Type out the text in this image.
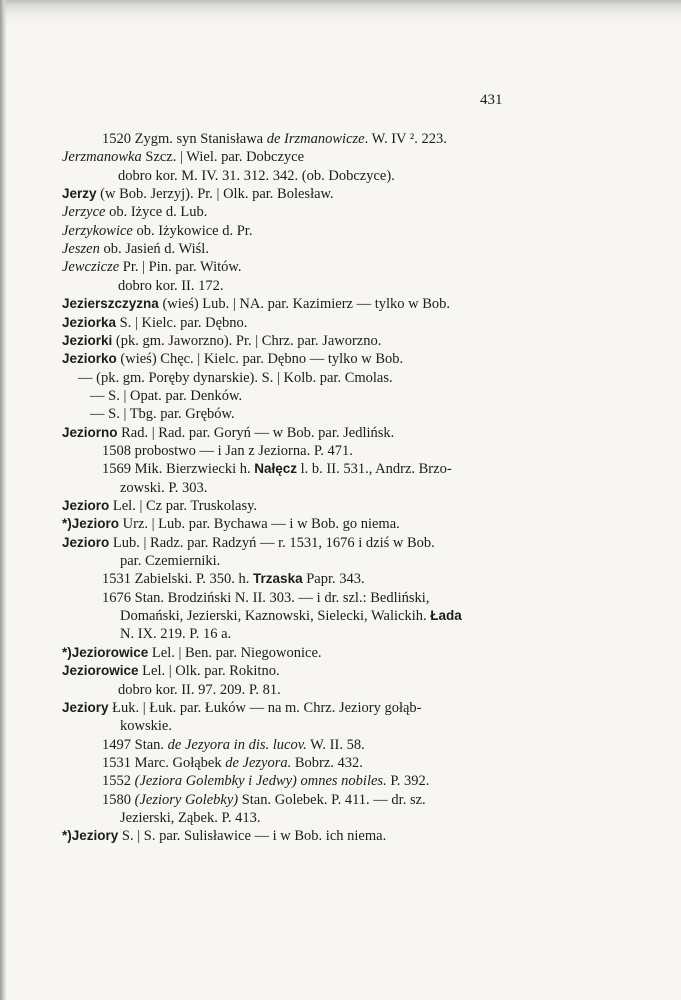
431
1520 Zygm. syn Stanisława de Irzmanowicze. W. IV ². 223.
Jerzmanowka Szcz. | Wiel. par. Dobczyce
dobro kor. M. IV. 31. 312. 342. (ob. Dobczyce).
Jerzy (w Bob. Jerzyj). Pr. | Olk. par. Bolesław.
Jerzyce ob. Iżyce d. Lub.
Jerzykowice ob. Iżykowice d. Pr.
Jeszen ob. Jasień d. Wiśl.
Jewczicze Pr. | Pin. par. Witów.
dobro kor. II. 172.
Jezierszczyzna (wieś) Lub. | NA. par. Kazimierz — tylko w Bob.
Jeziorka S. | Kielc. par. Dębno.
Jeziorki (pk. gm. Jaworzno). Pr. | Chrz. par. Jaworzno.
Jeziorko (wieś) Chęc. | Kielc. par. Dębno — tylko w Bob.
— (pk. gm. Poręby dynarskie). S. | Kolb. par. Cmolas.
— S. | Opat. par. Denków.
— S. | Tbg. par. Grębów.
Jeziorno Rad. | Rad. par. Goryń — w Bob. par. Jedlińsk.
1508 probostwo — i Jan z Jeziorna. P. 471.
1569 Mik. Bierzwiecki h. Nałęcz l. b. II. 531., Andrz. Brzo-
zowski. P. 303.
Jezioro Lel. | Cz par. Truskolasy.
*)Jezioro Urz. | Lub. par. Bychawa — i w Bob. go niema.
Jezioro Lub. | Radz. par. Radzyń — r. 1531, 1676 i dziś w Bob.
par. Czemierniki.
1531 Zabielski. P. 350. h. Trzaska Papr. 343.
1676 Stan. Brodziński N. II. 303. — i dr. szl.: Bedliński,
Domański, Jezierski, Kaznowski, Sielecki, Walickih. Łada
N. IX. 219. P. 16 a.
*)Jeziorowice Lel. | Ben. par. Niegowonice.
Jeziorowice Lel. | Olk. par. Rokitno.
dobro kor. II. 97. 209. P. 81.
Jeziory Łuk. | Łuk. par. Łuków — na m. Chrz. Jeziory gołąb-
kowskie.
1497 Stan. de Jezyora in dis. lucov. W. II. 58.
1531 Marc. Gołąbek de Jezyora. Bobrz. 432.
1552 (Jeziora Golembky i Jedwy) omnes nobiles. P. 392.
1580 (Jeziory Golebky) Stan. Golebek. P. 411. — dr. sz.
Jezierski, Ząbek. P. 413.
*)Jeziory S. | S. par. Sulisławice — i w Bob. ich niema.
